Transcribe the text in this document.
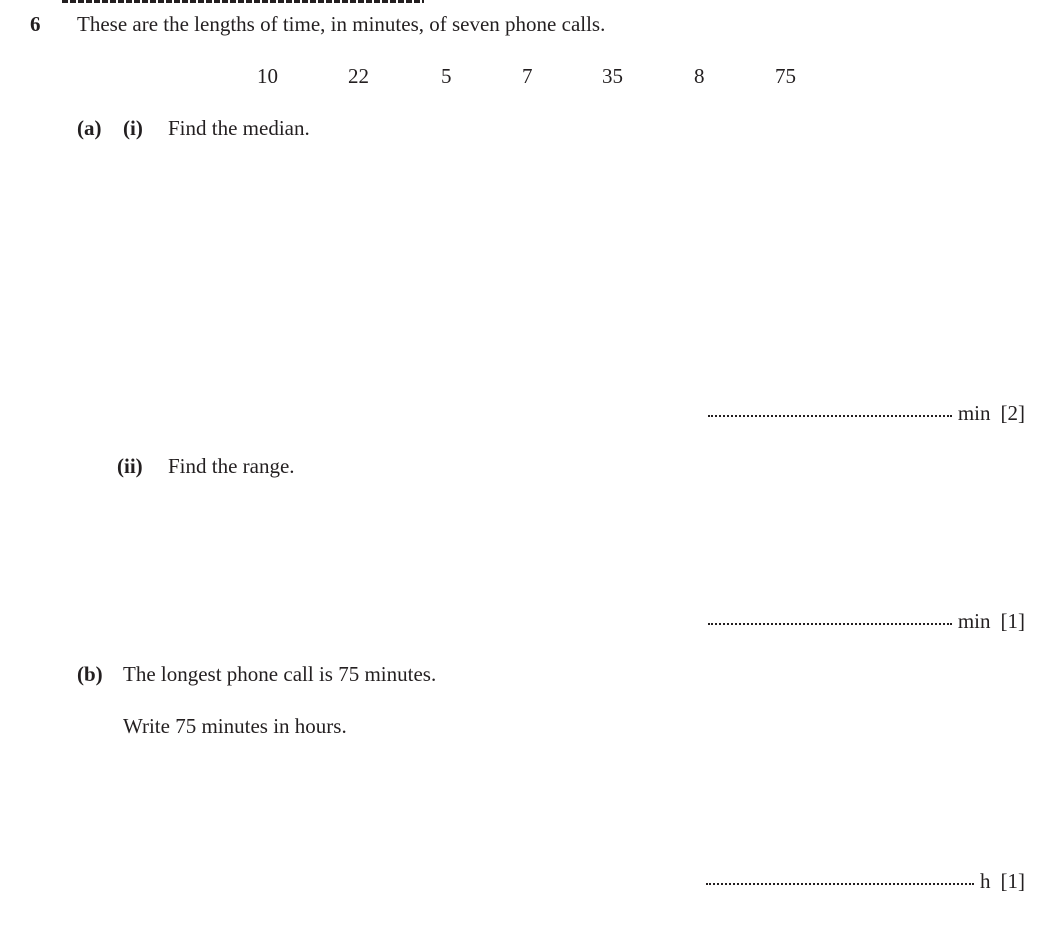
6 These are the lengths of time, in minutes, of seven phone calls.
10	22	5	7	35	8	75
(a) (i) Find the median.
min [2]
(ii) Find the range.
min [1]
(b) The longest phone call is 75 minutes.
Write 75 minutes in hours.
h [1]
